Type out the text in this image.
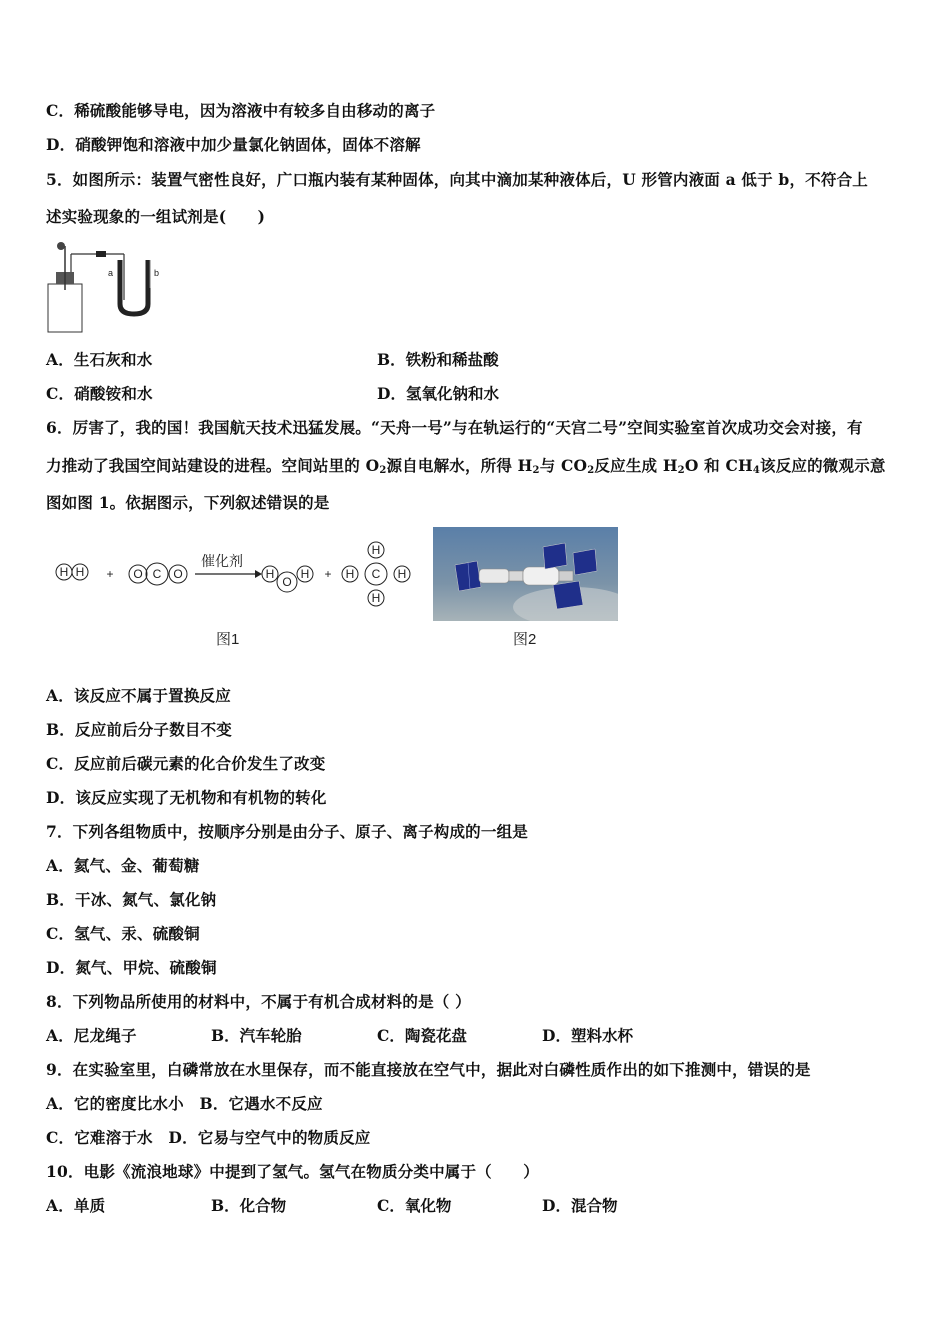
C．稀硫酸能够导电，因为溶液中有较多自由移动的离子
D．硝酸钾饱和溶液中加少量氯化钠固体，固体不溶解
5．如图所示：装置气密性良好，广口瓶内装有某种固体，向其中滴加某种液体后，U 形管内液面 a 低于 b，不符合上
述实验现象的一组试剂是(　　)
a	b
A．生石灰和水	B．铁粉和稀盐酸
C．硝酸铵和水	D．氢氧化钠和水
6．厉害了，我的国！我国航天技术迅猛发展。“天舟一号”与在轨运行的“天宫二号”空间实验室首次成功交会对接，有
力推动了我国空间站建设的进程。空间站里的 $O_2$源自电解水，所得 $H_2$与 $CO_2$反应生成 $H_2O$ 和 $CH_4$该反应的微观示意
图如图 1。依据图示，下列叙述错误的是
H H + O C O
催化剂
H
O
H + H C H
H
H
图1	图2
A．该反应不属于置换反应
B．反应前后分子数目不变
C．反应前后碳元素的化合价发生了改变
D．该反应实现了无机物和有机物的转化
7．下列各组物质中，按顺序分别是由分子、原子、离子构成的一组是
A．氦气、金、葡萄糖
B．干冰、氮气、氯化钠
C．氢气、汞、硫酸铜
D．氮气、甲烷、硫酸铜
8．下列物品所使用的材料中，不属于有机合成材料的是（ ）
A．尼龙绳子	B．汽车轮胎	C．陶瓷花盘	D．塑料水杯
9．在实验室里，白磷常放在水里保存，而不能直接放在空气中，据此对白磷性质作出的如下推测中，错误的是
A．它的密度比水小　B．它遇水不反应
C．它难溶于水　D．它易与空气中的物质反应
10．电影《流浪地球》中提到了氢气。氢气在物质分类中属于（　　）
A．单质	B．化合物	C．氧化物	D．混合物
